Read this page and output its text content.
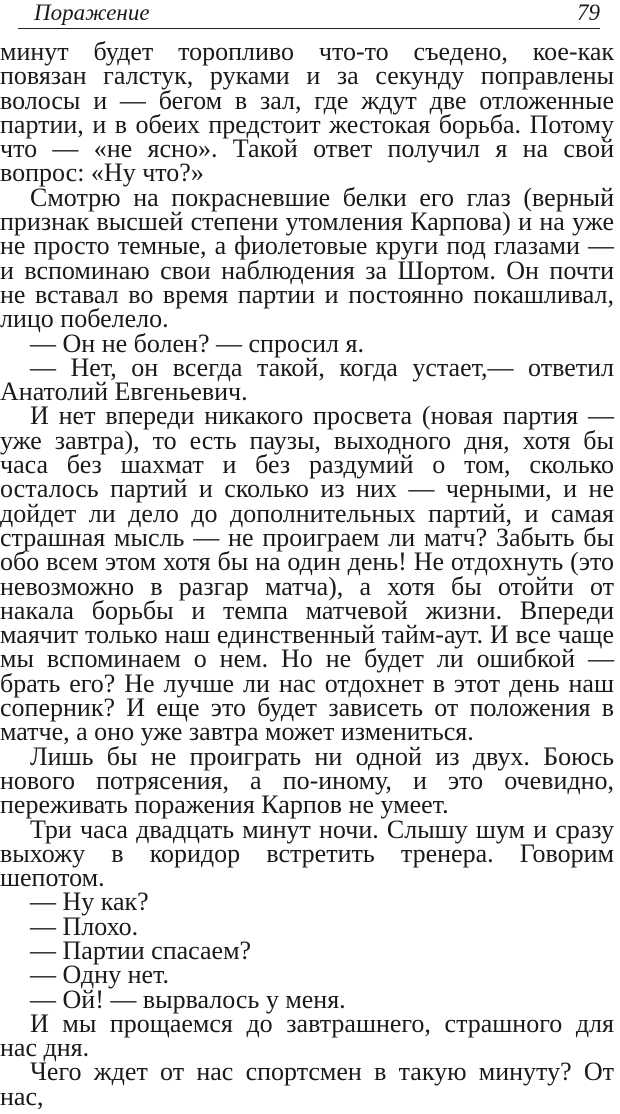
Поражение	79

минут будет торопливо что-то съедено, кое-как повязан галстук, руками и за секунду поправлены волосы и — бегом в зал, где ждут две отложенные партии, и в обеих предстоит жестокая борьба. Потому что — «не ясно». Такой ответ получил я на свой вопрос: «Ну что?»

Смотрю на покрасневшие белки его глаз (верный признак высшей степени утомления Карпова) и на уже не просто темные, а фиолетовые круги под глазами — и вспоминаю свои наблюдения за Шортом. Он почти не вставал во время партии и постоянно покашливал, лицо побелело.

— Он не болен? — спросил я.

— Нет, он всегда такой, когда устает,— ответил Анатолий Евгеньевич.

И нет впереди никакого просвета (новая партия — уже завтра), то есть паузы, выходного дня, хотя бы часа без шахмат и без раздумий о том, сколько осталось партий и сколько из них — черными, и не дойдет ли дело до дополнительных партий, и самая страшная мысль — не проиграем ли матч? Забыть бы обо всем этом хотя бы на один день! Не отдохнуть (это невозможно в разгар матча), а хотя бы отойти от накала борьбы и темпа матчевой жизни. Впереди маячит только наш единственный тайм-аут. И все чаще мы вспоминаем о нем. Но не будет ли ошибкой — брать его? Не лучше ли нас отдохнет в этот день наш соперник? И еще это будет зависеть от положения в матче, а оно уже завтра может измениться.

Лишь бы не проиграть ни одной из двух. Боюсь нового потрясения, а по-иному, и это очевидно, переживать поражения Карпов не умеет.

Три часа двадцать минут ночи. Слышу шум и сразу выхожу в коридор встретить тренера. Говорим шепотом.

— Ну как?

— Плохо.

— Партии спасаем?

— Одну нет.

— Ой! — вырвалось у меня.

И мы прощаемся до завтрашнего, страшного для нас дня.

Чего ждет от нас спортсмен в такую минуту? От нас,
